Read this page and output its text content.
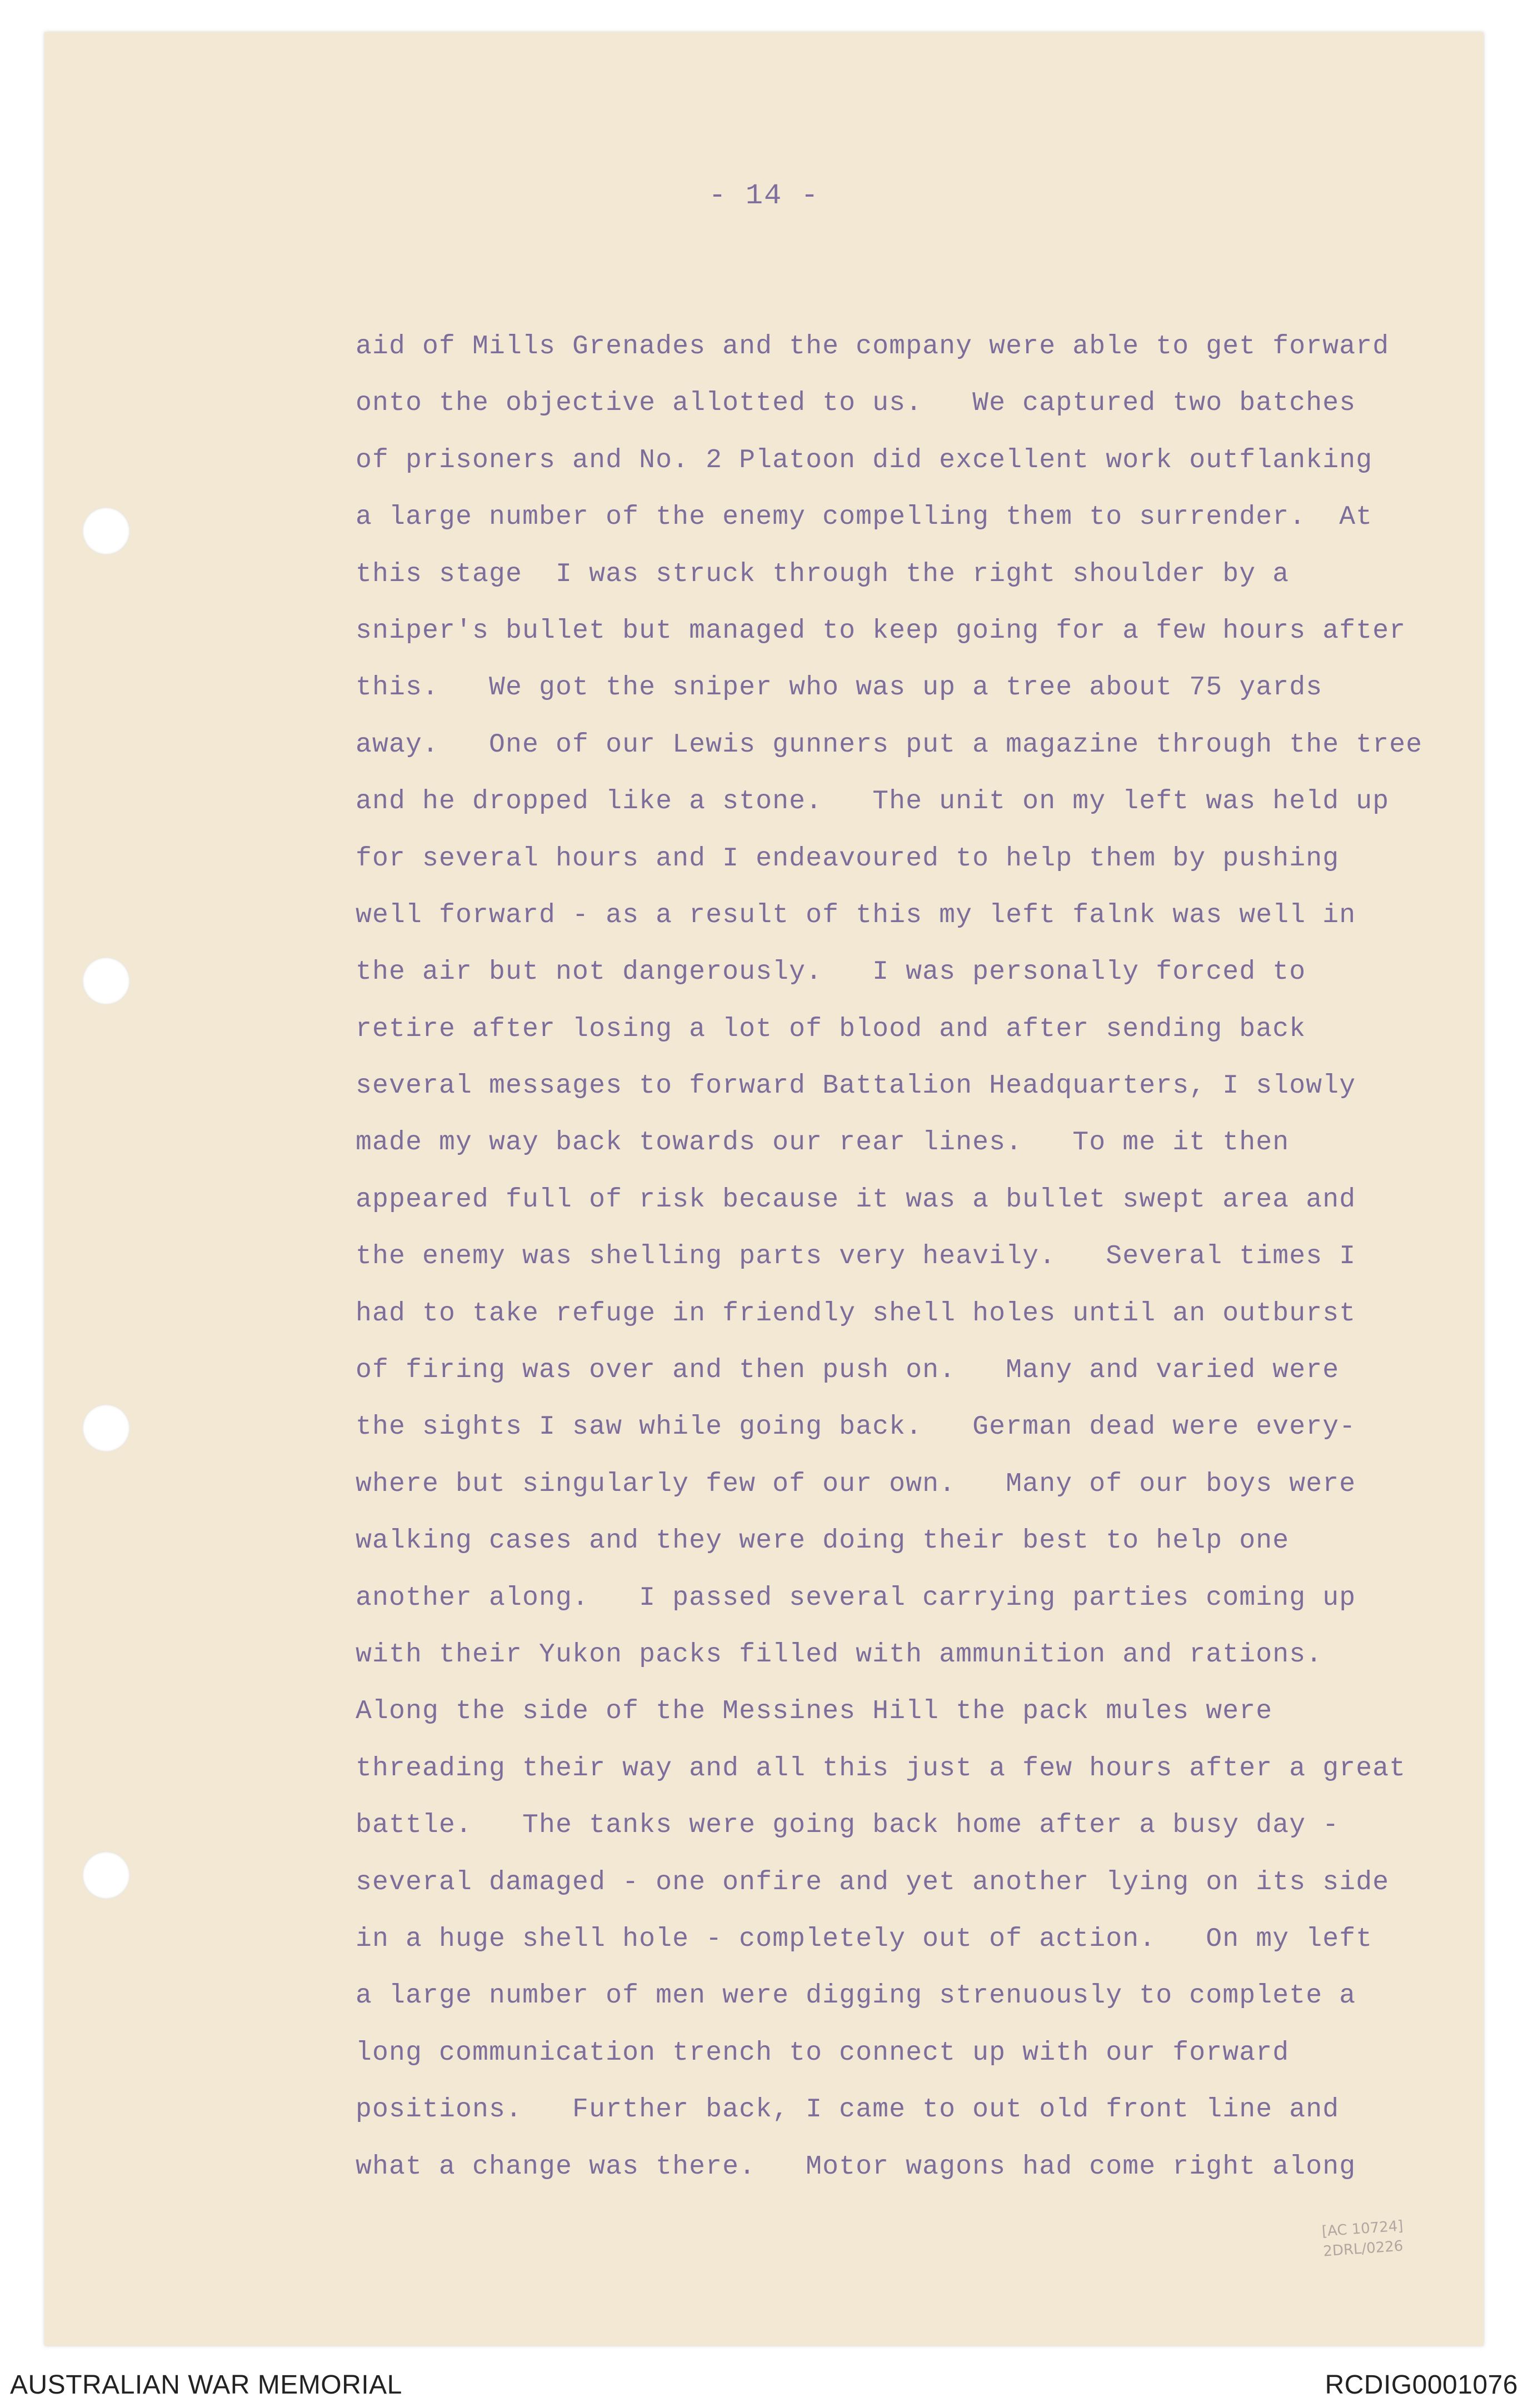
- 14 -
aid of Mills Grenades and the company were able to get forward
onto the objective allotted to us.   We captured two batches
of prisoners and No. 2 Platoon did excellent work outflanking
a large number of the enemy compelling them to surrender.  At
this stage  I was struck through the right shoulder by a
sniper's bullet but managed to keep going for a few hours after
this.   We got the sniper who was up a tree about 75 yards
away.   One of our Lewis gunners put a magazine through the tree
and he dropped like a stone.   The unit on my left was held up
for several hours and I endeavoured to help them by pushing
well forward - as a result of this my left falnk was well in
the air but not dangerously.   I was personally forced to
retire after losing a lot of blood and after sending back
several messages to forward Battalion Headquarters, I slowly
made my way back towards our rear lines.   To me it then
appeared full of risk because it was a bullet swept area and
the enemy was shelling parts very heavily.   Several times I
had to take refuge in friendly shell holes until an outburst
of firing was over and then push on.   Many and varied were
the sights I saw while going back.   German dead were every-
where but singularly few of our own.   Many of our boys were
walking cases and they were doing their best to help one
another along.   I passed several carrying parties coming up
with their Yukon packs filled with ammunition and rations.
Along the side of the Messines Hill the pack mules were
threading their way and all this just a few hours after a great
battle.   The tanks were going back home after a busy day -
several damaged - one onfire and yet another lying on its side
in a huge shell hole - completely out of action.   On my left
a large number of men were digging strenuously to complete a
long communication trench to connect up with our forward
positions.   Further back, I came to out old front line and
what a change was there.   Motor wagons had come right along
[AC 10724] 2DRL/0226
AUSTRALIAN WAR MEMORIAL	RCDIG0001076
